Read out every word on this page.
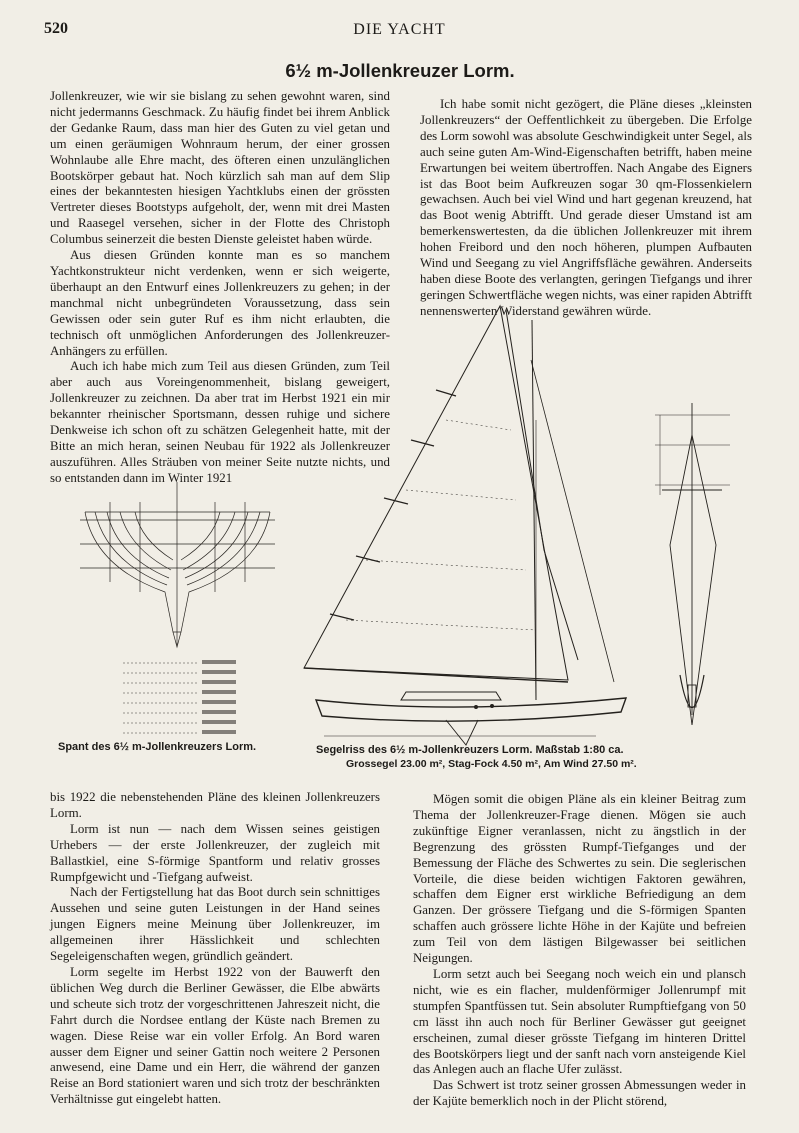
520	DIE YACHT
6½ m-Jollenkreuzer Lorm.

Jollenkreuzer, wie wir sie bislang zu sehen gewohnt waren, sind nicht jedermanns Geschmack. Zu häufig findet bei ihrem Anblick der Gedanke Raum, dass man hier des Guten zu viel getan und um einen geräumigen Wohnraum herum, der einer grossen Wohnlaube alle Ehre macht, des öfteren einen unzulänglichen Bootskörper gebaut hat. Noch kürzlich sah man auf dem Slip eines der bekanntesten hiesigen Yachtklubs einen der grössten Vertreter dieses Bootstyps aufgeholt, der, wenn mit drei Masten und Raasegel versehen, sicher in der Flotte des Christoph Columbus seinerzeit die besten Dienste geleistet haben würde.

Aus diesen Gründen konnte man es so manchem Yachtkonstrukteur nicht verdenken, wenn er sich weigerte, überhaupt an den Entwurf eines Jollenkreuzers zu gehen; in der manchmal nicht unbegründeten Voraussetzung, dass sein Gewissen oder sein guter Ruf es ihm nicht erlaubten, die technisch oft unmöglichen Anforderungen des Jollenkreuzer-Anhängers zu erfüllen.

Auch ich habe mich zum Teil aus diesen Gründen, zum Teil aber auch aus Voreingenommenheit, bislang geweigert, Jollenkreuzer zu zeichnen. Da aber trat im Herbst 1921 ein mir bekannter rheinischer Sportsmann, dessen ruhige und sichere Denkweise ich schon oft zu schätzen Gelegenheit hatte, mit der Bitte an mich heran, seinen Neubau für 1922 als Jollenkreuzer auszuführen. Alles Sträuben von meiner Seite nutzte nichts, und so entstanden dann im Winter 1921

Ich habe somit nicht gezögert, die Pläne dieses „kleinsten Jollenkreuzers“ der Oeffentlichkeit zu übergeben. Die Erfolge des Lorm sowohl was absolute Geschwindigkeit unter Segel, als auch seine guten Am-Wind-Eigenschaften betrifft, haben meine Erwartungen bei weitem übertroffen. Nach Angabe des Eigners ist das Boot beim Aufkreuzen sogar 30 qm-Flossenkielern gewachsen. Auch bei viel Wind und hart gegenan kreuzend, hat das Boot wenig Abtrifft. Und gerade dieser Umstand ist am bemerkenswertesten, da die üblichen Jollenkreuzer mit ihrem hohen Freibord und den noch höheren, plumpen Aufbauten Wind und Seegang zu viel Angriffsfläche gewähren. Anderseits haben diese Boote des verlangten, geringen Tiefgangs und ihrer geringen Schwertfläche wegen nichts, was einer rapiden Abtrifft nennenswerten Widerstand gewähren würde.

Spant des 6½ m-Jollenkreuzers Lorm.	Segelriss des 6½ m-Jollenkreuzers Lorm. Maßstab 1:80 ca.
Grossegel 23.00 m², Stag-Fock 4.50 m², Am Wind 27.50 m².

bis 1922 die nebenstehenden Pläne des kleinen Jollenkreuzers Lorm.

Lorm ist nun — nach dem Wissen seines geistigen Urhebers — der erste Jollenkreuzer, der zugleich mit Ballastkiel, eine S-förmige Spantform und relativ grosses Rumpfgewicht und -Tiefgang aufweist.

Nach der Fertigstellung hat das Boot durch sein schnittiges Aussehen und seine guten Leistungen in der Hand seines jungen Eigners meine Meinung über Jollenkreuzer, im allgemeinen ihrer Hässlichkeit und schlechten Segeleigenschaften wegen, gründlich geändert.

Lorm segelte im Herbst 1922 von der Bauwerft den üblichen Weg durch die Berliner Gewässer, die Elbe abwärts und scheute sich trotz der vorgeschrittenen Jahreszeit nicht, die Fahrt durch die Nordsee entlang der Küste nach Bremen zu wagen. Diese Reise war ein voller Erfolg. An Bord waren ausser dem Eigner und seiner Gattin noch weitere 2 Personen anwesend, eine Dame und ein Herr, die während der ganzen Reise an Bord stationiert waren und sich trotz der beschränkten Verhältnisse gut eingelebt hatten.

Mögen somit die obigen Pläne als ein kleiner Beitrag zum Thema der Jollenkreuzer-Frage dienen. Mögen sie auch zukünftige Eigner veranlassen, nicht zu ängstlich in der Begrenzung des grössten Rumpf-Tiefganges und der Bemessung der Fläche des Schwertes zu sein. Die seglerischen Vorteile, die diese beiden wichtigen Faktoren gewähren, schaffen dem Eigner erst wirkliche Befriedigung an dem Ganzen. Der grössere Tiefgang und die S-förmigen Spanten schaffen auch grössere lichte Höhe in der Kajüte und befreien zum Teil von dem lästigen Bilgewasser bei seitlichen Neigungen.

Lorm setzt auch bei Seegang noch weich ein und plansch nicht, wie es ein flacher, muldenförmiger Jollenrumpf mit stumpfen Spantfüssen tut. Sein absoluter Rumpftiefgang von 50 cm lässt ihn auch noch für Berliner Gewässer gut geeignet erscheinen, zumal dieser grösste Tiefgang im hinteren Drittel des Bootskörpers liegt und der sanft nach vorn ansteigende Kiel das Anlegen auch an flache Ufer zulässt.

Das Schwert ist trotz seiner grossen Abmessungen weder in der Kajüte bemerklich noch in der Plicht störend,
